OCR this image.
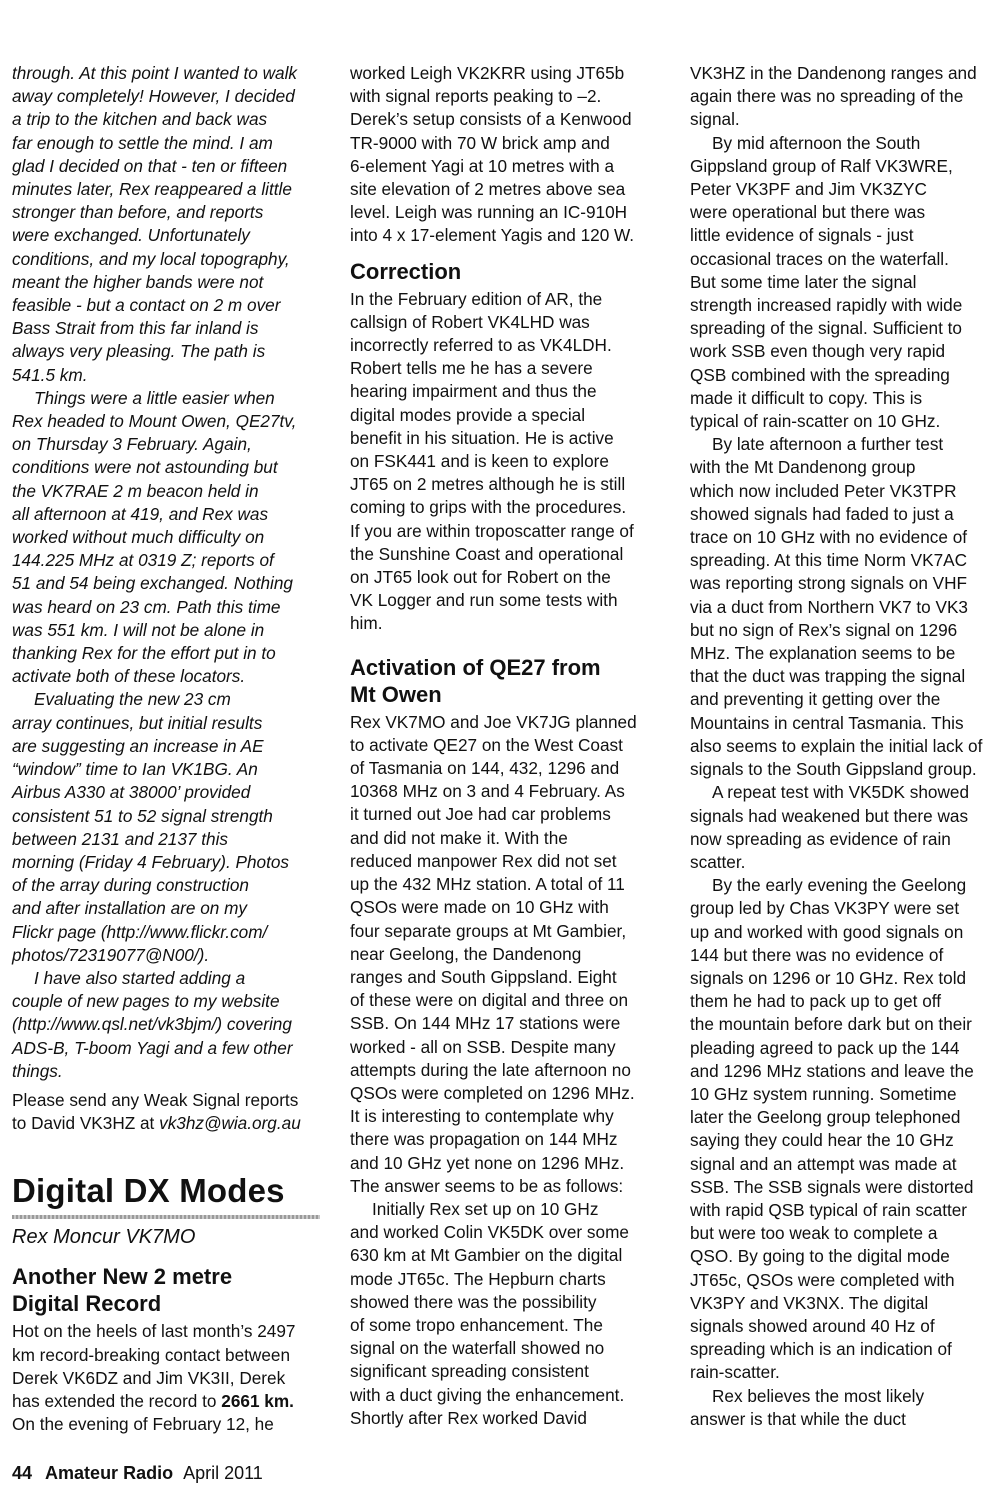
through. At this point I wanted to walk
away completely! However, I decided
a trip to the kitchen and back was
far enough to settle the mind. I am
glad I decided on that - ten or fifteen
minutes later, Rex reappeared a little
stronger than before, and reports
were exchanged. Unfortunately
conditions, and my local topography,
meant the higher bands were not
feasible - but a contact on 2 m over
Bass Strait from this far inland is
always very pleasing. The path is
541.5 km.
Things were a little easier when
Rex headed to Mount Owen, QE27tv,
on Thursday 3 February. Again,
conditions were not astounding but
the VK7RAE 2 m beacon held in
all afternoon at 419, and Rex was
worked without much difficulty on
144.225 MHz at 0319 Z; reports of
51 and 54 being exchanged. Nothing
was heard on 23 cm. Path this time
was 551 km. I will not be alone in
thanking Rex for the effort put in to
activate both of these locators.
Evaluating the new 23 cm
array continues, but initial results
are suggesting an increase in AE
“window” time to Ian VK1BG. An
Airbus A330 at 38000’ provided
consistent 51 to 52 signal strength
between 2131 and 2137 this
morning (Friday 4 February). Photos
of the array during construction
and after installation are on my
Flickr page (http://www.flickr.com/
photos/72319077@N00/).
I have also started adding a
couple of new pages to my website
(http://www.qsl.net/vk3bjm/) covering
ADS-B, T-boom Yagi and a few other
things.
Please send any Weak Signal reports
to David VK3HZ at vk3hz@wia.org.au
Digital DX Modes
Rex Moncur VK7MO
Another New 2 metre
Digital Record
Hot on the heels of last month’s 2497
km record-breaking contact between
Derek VK6DZ and Jim VK3II, Derek
has extended the record to 2661 km.
On the evening of February 12, he
worked Leigh VK2KRR using JT65b
with signal reports peaking to –2.
Derek’s setup consists of a Kenwood
TR-9000 with 70 W brick amp and
6-element Yagi at 10 metres with a
site elevation of 2 metres above sea
level. Leigh was running an IC-910H
into 4 x 17-element Yagis and 120 W.
Correction
In the February edition of AR, the
callsign of Robert VK4LHD was
incorrectly referred to as VK4LDH.
Robert tells me he has a severe
hearing impairment and thus the
digital modes provide a special
benefit in his situation. He is active
on FSK441 and is keen to explore
JT65 on 2 metres although he is still
coming to grips with the procedures.
If you are within troposcatter range of
the Sunshine Coast and operational
on JT65 look out for Robert on the
VK Logger and run some tests with
him.
Activation of QE27 from
Mt Owen
Rex VK7MO and Joe VK7JG planned
to activate QE27 on the West Coast
of Tasmania on 144, 432, 1296 and
10368 MHz on 3 and 4 February. As
it turned out Joe had car problems
and did not make it. With the
reduced manpower Rex did not set
up the 432 MHz station. A total of 11
QSOs were made on 10 GHz with
four separate groups at Mt Gambier,
near Geelong, the Dandenong
ranges and South Gippsland. Eight
of these were on digital and three on
SSB. On 144 MHz 17 stations were
worked - all on SSB. Despite many
attempts during the late afternoon no
QSOs were completed on 1296 MHz.
It is interesting to contemplate why
there was propagation on 144 MHz
and 10 GHz yet none on 1296 MHz.
The answer seems to be as follows:
Initially Rex set up on 10 GHz
and worked Colin VK5DK over some
630 km at Mt Gambier on the digital
mode JT65c. The Hepburn charts
showed there was the possibility
of some tropo enhancement. The
signal on the waterfall showed no
significant spreading consistent
with a duct giving the enhancement.
Shortly after Rex worked David
VK3HZ in the Dandenong ranges and
again there was no spreading of the
signal.
By mid afternoon the South
Gippsland group of Ralf VK3WRE,
Peter VK3PF and Jim VK3ZYC
were operational but there was
little evidence of signals - just
occasional traces on the waterfall.
But some time later the signal
strength increased rapidly with wide
spreading of the signal. Sufficient to
work SSB even though very rapid
QSB combined with the spreading
made it difficult to copy. This is
typical of rain-scatter on 10 GHz.
By late afternoon a further test
with the Mt Dandenong group
which now included Peter VK3TPR
showed signals had faded to just a
trace on 10 GHz with no evidence of
spreading. At this time Norm VK7AC
was reporting strong signals on VHF
via a duct from Northern VK7 to VK3
but no sign of Rex’s signal on 1296
MHz. The explanation seems to be
that the duct was trapping the signal
and preventing it getting over the
Mountains in central Tasmania. This
also seems to explain the initial lack of
signals to the South Gippsland group.
A repeat test with VK5DK showed
signals had weakened but there was
now spreading as evidence of rain
scatter.
By the early evening the Geelong
group led by Chas VK3PY were set
up and worked with good signals on
144 but there was no evidence of
signals on 1296 or 10 GHz. Rex told
them he had to pack up to get off
the mountain before dark but on their
pleading agreed to pack up the 144
and 1296 MHz stations and leave the
10 GHz system running. Sometime
later the Geelong group telephoned
saying they could hear the 10 GHz
signal and an attempt was made at
SSB. The SSB signals were distorted
with rapid QSB typical of rain scatter
but were too weak to complete a
QSO. By going to the digital mode
JT65c, QSOs were completed with
VK3PY and VK3NX. The digital
signals showed around 40 Hz of
spreading which is an indication of
rain-scatter.
Rex believes the most likely
answer is that while the duct
44 Amateur Radio April 2011
